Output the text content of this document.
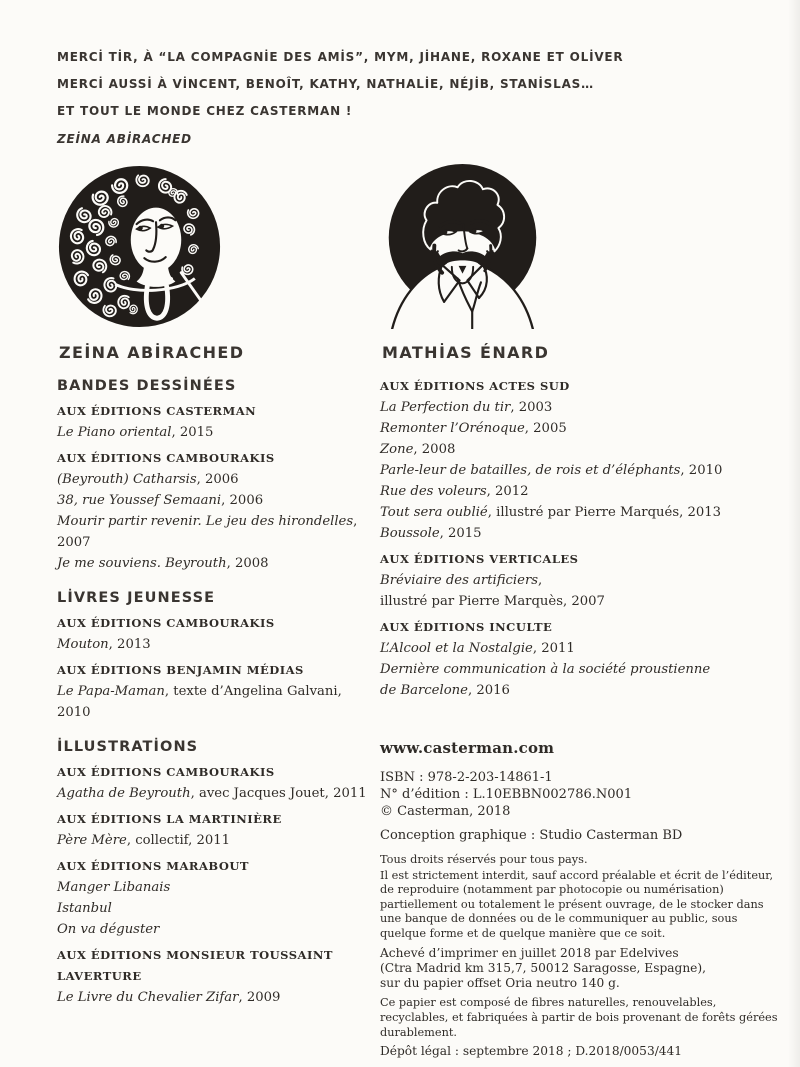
MERCİ TİR, À “LA COMPAGNİE DES AMİS”, MYM, JİHANE, ROXANE ET OLİVER
MERCİ AUSSİ À VİNCENT, BENOÎT, KATHY, NATHALİE, NÉJİB, STANİSLAS…
ET TOUT LE MONDE CHEZ CASTERMAN !
ZEİNA ABİRACHED
ZEİNA ABİRACHED
BANDES DESSİNÉES
AUX ÉDITIONS CASTERMAN
Le Piano oriental, 2015
AUX ÉDITIONS CAMBOURAKIS
(Beyrouth) Catharsis, 2006
38, rue Youssef Semaani, 2006
Mourir partir revenir. Le jeu des hirondelles, 2007
Je me souviens. Beyrouth, 2008
LİVRES JEUNESSE
AUX ÉDITIONS CAMBOURAKIS
Mouton, 2013
AUX ÉDITIONS BENJAMIN MÉDIAS
Le Papa-Maman, texte d’Angelina Galvani, 2010
İLLUSTRATİONS
AUX ÉDITIONS CAMBOURAKIS
Agatha de Beyrouth, avec Jacques Jouet, 2011
AUX ÉDITIONS LA MARTINIÈRE
Père Mère, collectif, 2011
AUX ÉDITIONS MARABOUT
Manger Libanais
Istanbul
On va déguster
AUX ÉDITIONS MONSIEUR TOUSSAINT LAVERTURE
Le Livre du Chevalier Zifar, 2009
MATHİAS ÉNARD
AUX ÉDITIONS ACTES SUD
La Perfection du tir, 2003
Remonter l’Orénoque, 2005
Zone, 2008
Parle-leur de batailles, de rois et d’éléphants, 2010
Rue des voleurs, 2012
Tout sera oublié, illustré par Pierre Marqués, 2013
Boussole, 2015
AUX ÉDITIONS VERTICALES
Bréviaire des artificiers,
illustré par Pierre Marquès, 2007
AUX ÉDITIONS INCULTE
L’Alcool et la Nostalgie, 2011
Dernière communication à la société proustienne
de Barcelone, 2016
www.casterman.com
ISBN : 978-2-203-14861-1
N° d’édition : L.10EBBN002786.N001
© Casterman, 2018
Conception graphique : Studio Casterman BD
Tous droits réservés pour tous pays.

Il est strictement interdit, sauf accord préalable et écrit de l’éditeur, de reproduire (notamment par photocopie ou numérisation) partiellement ou totalement le présent ouvrage, de le stocker dans une banque de données ou de le communiquer au public, sous quelque forme et de quelque manière que ce soit.

Achevé d’imprimer en juillet 2018 par Edelvives
(Ctra Madrid km 315,7, 50012 Saragosse, Espagne),
sur du papier offset Oria neutro 140 g.

Ce papier est composé de fibres naturelles, renouvelables, recyclables, et fabriquées à partir de bois provenant de forêts gérées durablement.

Dépôt légal : septembre 2018 ; D.2018/0053/441
